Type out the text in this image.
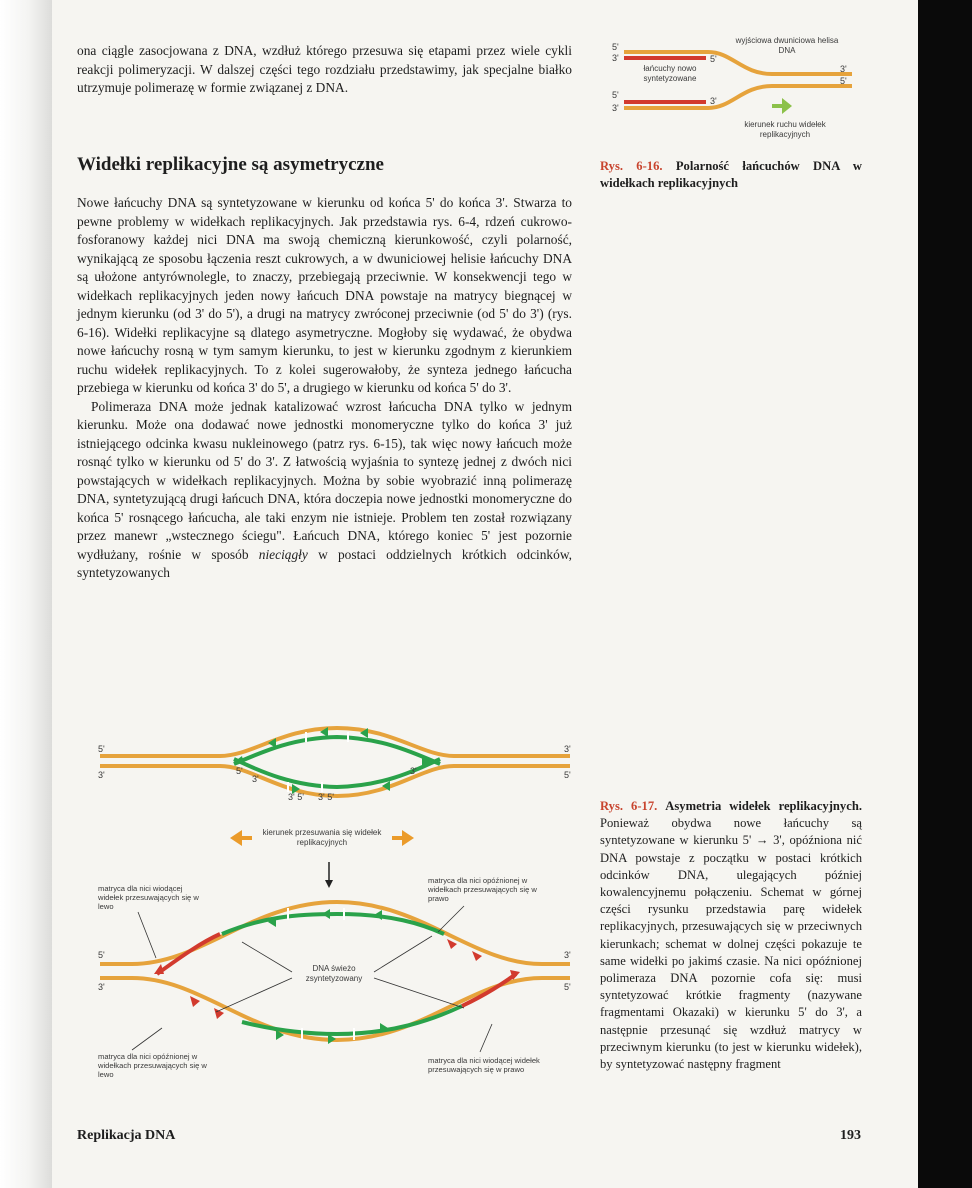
ona ciągle zasocjowana z DNA, wzdłuż którego przesuwa się etapami przez wiele cykli reakcji polimeryzacji. W dalszej części tego rozdziału przedstawimy, jak specjalne białko utrzymuje polimerazę w formie związanej z DNA.

Widełki replikacyjne są asymetryczne

Nowe łańcuchy DNA są syntetyzowane w kierunku od końca 5' do końca 3'. Stwarza to pewne problemy w widełkach replikacyjnych. Jak przedstawia rys. 6-4, rdzeń cukrowo-fosforanowy każdej nici DNA ma swoją chemiczną kierunkowość, czyli polarność, wynikającą ze sposobu łączenia reszt cukrowych, a w dwuniciowej helisie łańcuchy DNA są ułożone antyrównolegle, to znaczy, przebiegają przeciwnie. W konsekwencji tego w widełkach replikacyjnych jeden nowy łańcuch DNA powstaje na matrycy biegnącej w jednym kierunku (od 3' do 5'), a drugi na matrycy zwróconej przeciwnie (od 5' do 3') (rys. 6-16). Widełki replikacyjne są dlatego asymetryczne. Mogłoby się wydawać, że obydwa nowe łańcuchy rosną w tym samym kierunku, to jest w kierunku zgodnym z kierunkiem ruchu widełek replikacyjnych. To z kolei sugerowałoby, że synteza jednego łańcucha przebiega w kierunku od końca 3' do 5', a drugiego w kierunku od końca 5' do 3'.

Polimeraza DNA może jednak katalizować wzrost łańcucha DNA tylko w jednym kierunku. Może ona dodawać nowe jednostki monomeryczne tylko do końca 3' już istniejącego odcinka kwasu nukleinowego (patrz rys. 6-15), tak więc nowy łańcuch może rosnąć tylko w kierunku od 5' do 3'. Z łatwością wyjaśnia to syntezę jednej z dwóch nici powstających w widełkach replikacyjnych. Można by sobie wyobrazić inną polimerazę DNA, syntetyzującą drugi łańcuch DNA, która doczepia nowe jednostki monomeryczne do końca 5' rosnącego łańcucha, ale taki enzym nie istnieje. Problem ten został rozwiązany przez manewr „wstecznego ściegu". Łańcuch DNA, którego koniec 5' jest pozornie wydłużany, rośnie w sposób nieciągły w postaci oddzielnych krótkich odcinków, syntetyzowanych

5'
3'	5'
3'
5'
5'
3'
3'
łańcuchy nowo syntetyzowane
wyjściowa dwuniciowa helisa DNA
kierunek ruchu widełek replikacyjnych
Rys. 6-16. Polarność łańcuchów DNA w widełkach replikacyjnych
5'
3'
3'
5'
5'
3'
3'
3' 5' 3' 5'
kierunek przesuwania się widełek replikacyjnych
5'
3'
3'
5'
matryca dla nici wiodącej widełek przesuwających się w lewo
matryca dla nici opóźnionej w widełkach przesuwających się w prawo
DNA świeżo zsyntetyzowany
matryca dla nici opóźnionej w widełkach przesuwających się w lewo
matryca dla nici wiodącej widełek przesuwających się w prawo
Rys. 6-17. Asymetria widełek replikacyjnych. Ponieważ obydwa nowe łańcuchy są syntetyzowane w kierunku 5' → 3', opóźniona nić DNA powstaje z początku w postaci krótkich odcinków DNA, ulegających później kowalencyjnemu połączeniu. Schemat w górnej części rysunku przedstawia parę widełek replikacyjnych, przesuwających się w przeciwnych kierunkach; schemat w dolnej części pokazuje te same widełki po jakimś czasie. Na nici opóźnionej polimeraza DNA pozornie cofa się: musi syntetyzować krótkie fragmenty (nazywane fragmentami Okazaki) w kierunku 5' do 3', a następnie przesunąć się wzdłuż matrycy w przeciwnym kierunku (to jest w kierunku widełek), by syntetyzować następny fragment
Replikacja DNA	193
